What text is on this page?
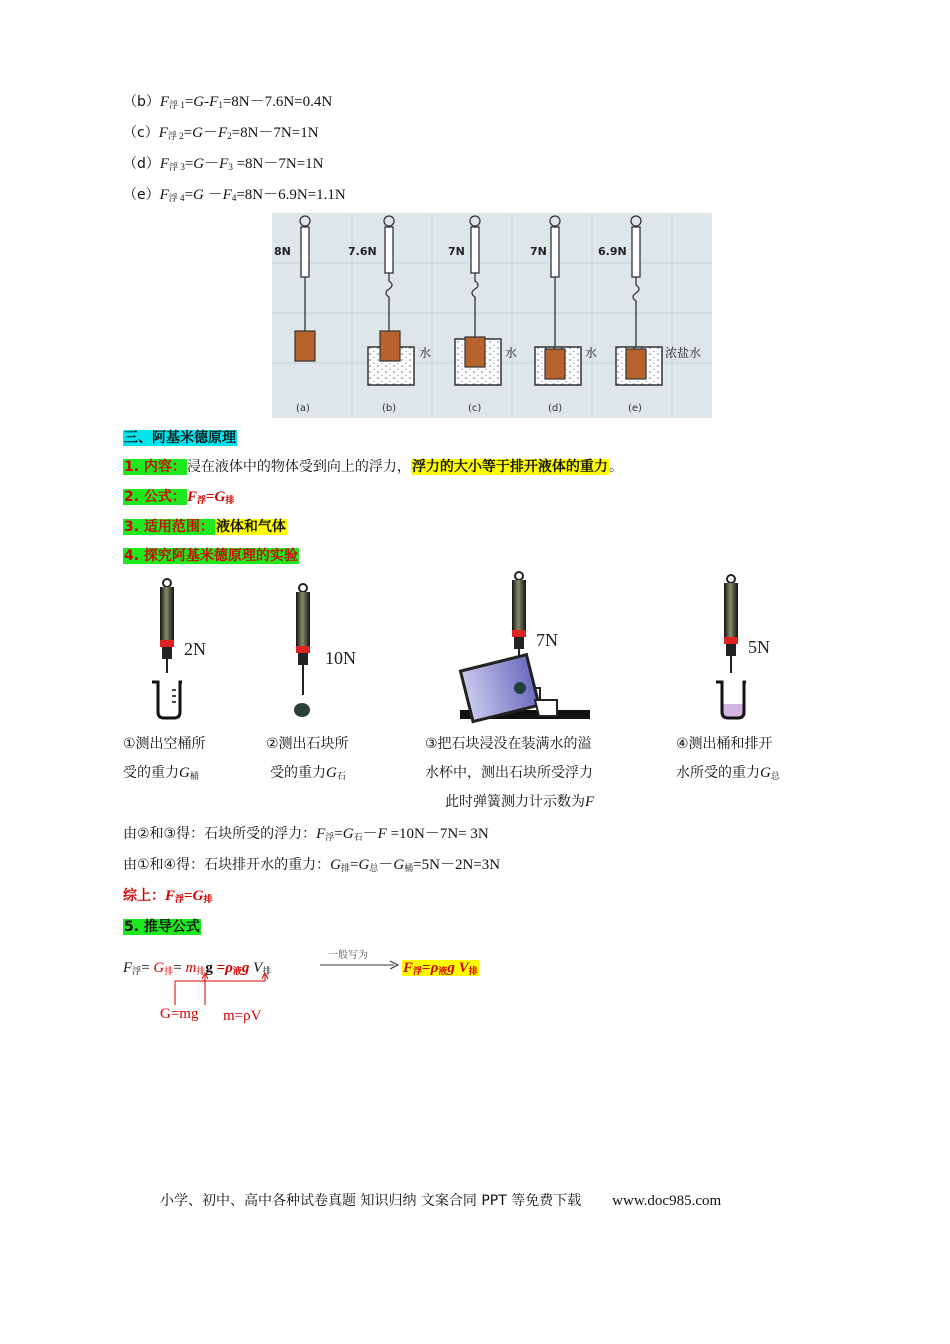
$(b)F_{浮 1}=G-F_1=8N-7.6N=0.4N$
$(c)F_{浮 2}=G-F_2=8N-7N=1N$
$(d)F_{浮 3}=G-F_3 =8N-7N=1N$
$(e)F_{浮 4}=G -F_4=8N-6.9N=1.1N$
8N	7.6N	7N	7N	6.9N
水	水	水	浓盐水
(a)	(b)	(c)	(d)	(e)
三、阿基米德原理
1. 内容：浸在液体中的物体受到向上的浮力，浮力的大小等于排开液体的重力。
2. 公式：$F_浮=G_排$
3. 适用范围： 液体和气体
4. 探究阿基米德原理的实验
2N	10N
7N	5N
①测出空桶所
受的重力$G_桶$
②测出石块所
受的重力$G_石$
③把石块浸没在装满水的溢
水杯中，测出石块所受浮力
此时弹簧测力计示数为F
④测出桶和排开
水所受的重力$G_总$
由②和③得：石块所受的浮力：$F_浮=G_石-F =10N-7N= 3N$
由①和④得：石块排开水的重力：$G_排=G_总-G_桶=5N-2N=3N$
综上：$F_浮=G_排$
5. 推导公式
$F_浮= G_排= m_排g =\rho_液g$ $V_排$
一般写为
$F_浮=\rho_液g$ $V_排$
G=mg m=ρV
小学、初中、高中各种试卷真题 知识归纳 文案合同 PPT 等免费下载 www.doc985.com
